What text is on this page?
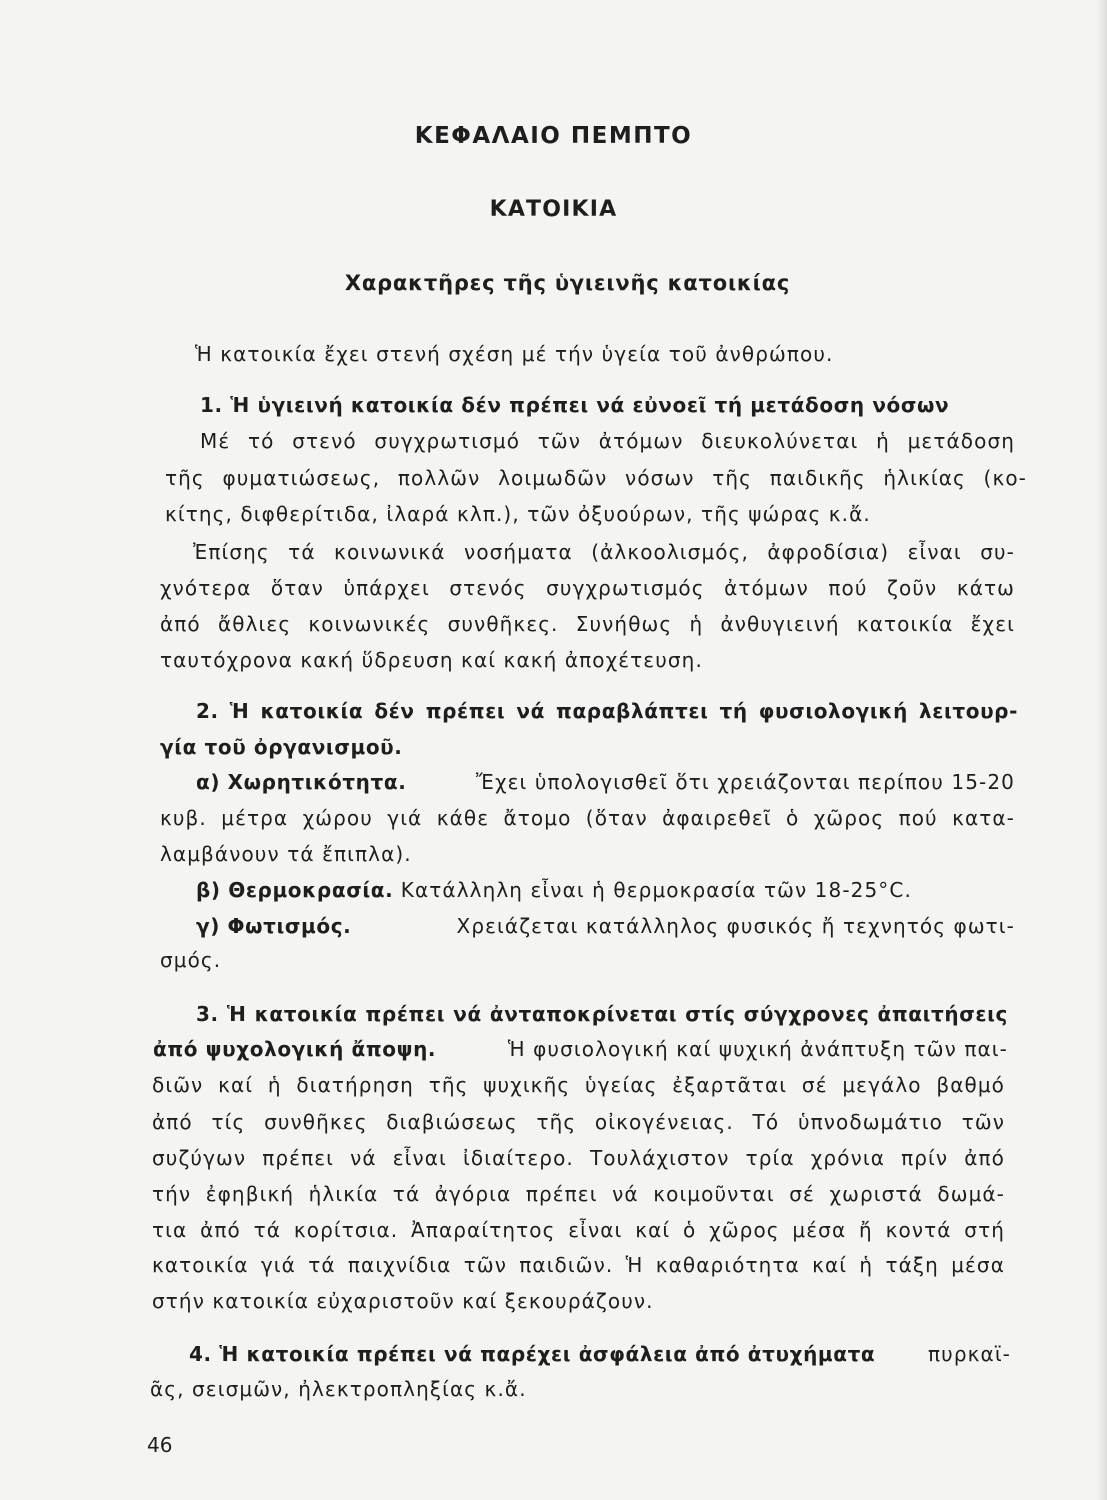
ΚΕΦΑΛΑΙΟ ΠΕΜΠΤΟ

ΚΑΤΟΙΚΙΑ

Χαρακτῆρες τῆς ὑγιεινῆς κατοικίας

Ἡ κατοικία ἔχει στενή σχέση μέ τήν ὑγεία τοῦ ἀνθρώπου.

1. Ἡ ὑγιεινή κατοικία δέν πρέπει νά εὐνοεῖ τή μετάδοση νόσων

Μέ τό στενό συγχρωτισμό τῶν ἀτόμων διευκολύνεται ἡ μετάδοση

τῆς φυματιώσεως, πολλῶν λοιμωδῶν νόσων τῆς παιδικῆς ἡλικίας (κο-

κίτης, διφθερίτιδα, ἰλαρά κλπ.), τῶν ὀξυούρων, τῆς ψώρας κ.ἄ.

Ἐπίσης τά κοινωνικά νοσήματα (ἀλκοολισμός, ἀφροδίσια) εἶναι συ-

χνότερα ὅταν ὑπάρχει στενός συγχρωτισμός ἀτόμων πού ζοῦν κάτω

ἀπό ἄθλιες κοινωνικές συνθῆκες. Συνήθως ἡ ἀνθυγιεινή κατοικία ἔχει

ταυτόχρονα κακή ὕδρευση καί κακή ἀποχέτευση.

2. Ἡ κατοικία δέν πρέπει νά παραβλάπτει τή φυσιολογική λειτουρ-

γία τοῦ ὀργανισμοῦ.

α) Χωρητικότητα.	Ἔχει ὑπολογισθεῖ ὅτι χρειάζονται περίπου 15-20

κυβ. μέτρα χώρου γιά κάθε ἄτομο (ὅταν ἀφαιρεθεῖ ὁ χῶρος πού κατα-

λαμβάνουν τά ἔπιπλα).

β) Θερμοκρασία. Κατάλληλη εἶναι ἡ θερμοκρασία τῶν 18-25°C.
γ) Φωτισμός.	Χρειάζεται κατάλληλος φυσικός ἤ τεχνητός φωτι-

σμός.

3. Ἡ κατοικία πρέπει νά ἀνταποκρίνεται στίς σύγχρονες ἀπαιτήσεις

ἀπό ψυχολογική ἄποψη.	Ἡ φυσιολογική καί ψυχική ἀνάπτυξη τῶν παι-

διῶν καί ἡ διατήρηση τῆς ψυχικῆς ὑγείας ἐξαρτᾶται σέ μεγάλο βαθμό

ἀπό τίς συνθῆκες διαβιώσεως τῆς οἰκογένειας. Τό ὑπνοδωμάτιο τῶν

συζύγων πρέπει νά εἶναι ἰδιαίτερο. Τουλάχιστον τρία χρόνια πρίν ἀπό

τήν ἐφηβική ἡλικία τά ἀγόρια πρέπει νά κοιμοῦνται σέ χωριστά δωμά-

τια ἀπό τά κορίτσια. Ἀπαραίτητος εἶναι καί ὁ χῶρος μέσα ἤ κοντά στή

κατοικία γιά τά παιχνίδια τῶν παιδιῶν. Ἡ καθαριότητα καί ἡ τάξη μέσα

στήν κατοικία εὐχαριστοῦν καί ξεκουράζουν.

4. Ἡ κατοικία πρέπει νά παρέχει ἀσφάλεια ἀπό ἀτυχήματα	πυρκαϊ-

ᾶς, σεισμῶν, ἠλεκτροπληξίας κ.ἄ.

46
